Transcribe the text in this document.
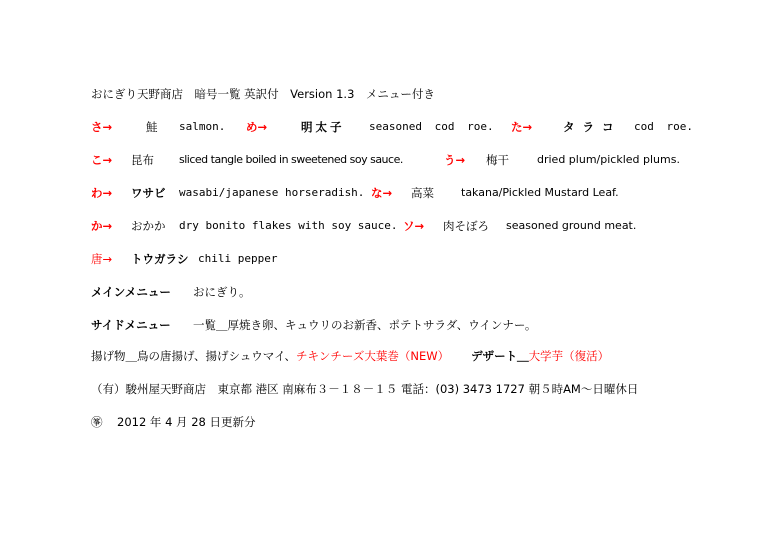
おにぎり天野商店　暗号一覧 英訳付　Version 1.3　メニュー付き
さ→	鮭 salmon. め→	明太子 seasoned cod roe. た→	タラコ cod roe.
こ→ 昆布 sliced tangle boiled in sweetened soy sauce.	う→ 梅干	dried plum/pickled plums.
わ→ ワサビ wasabi/japanese horseradish. な→ 高菜 takana/Pickled Mustard Leaf.
か→ おかか dry bonito flakes with soy sauce. ソ→ 肉そぼろ seasoned ground meat.
唐→ トウガラシ chili pepper
メインメニュー おにぎり。
サイドメニュー 一覧＿厚焼き卵、キュウリのお新香、ポテトサラダ、ウインナー。
揚げ物＿鳥の唐揚げ、揚げシュウマイ、チキンチーズ大葉巻（NEW） デザート＿大学芋（復活）
（有）駿州屋天野商店　東京都 港区 南麻布３－１８－１５ 電話：(03) 3473 1727 朝５時AM～日曜休日
㉇ 2012 年 4 月 28 日更新分
